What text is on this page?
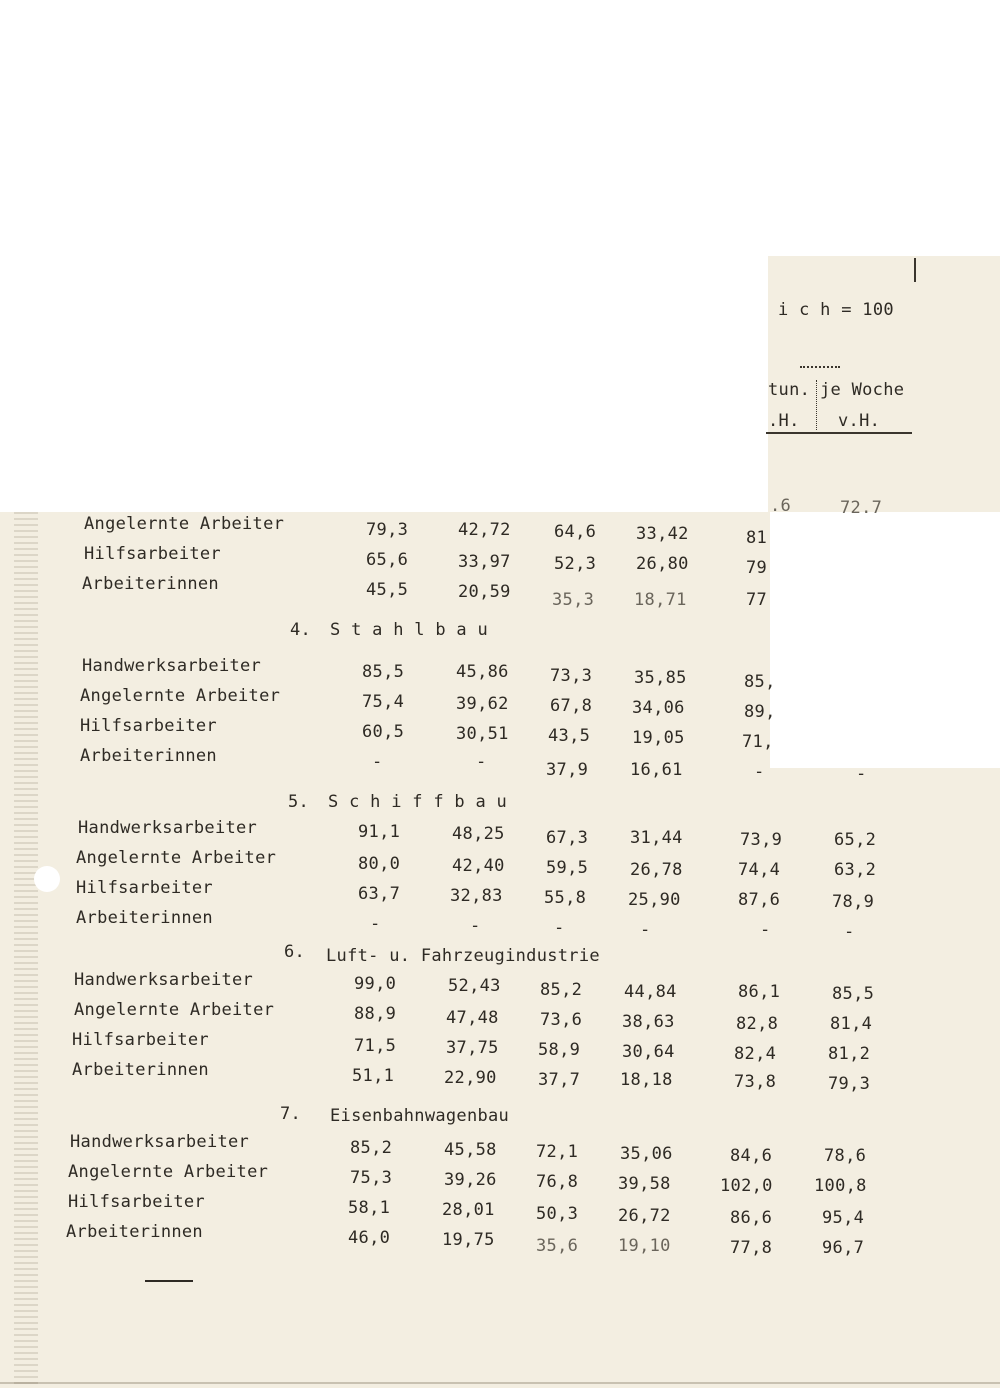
i c h = 100
tun. je Woche
.H. v.H.
.6	72.7
Angelernte Arbeiter	79,3	42,72	64,6 33,42	81
Hilfsarbeiter	65,6	33,97	52,3 26,80	79
Arbeiterinnen	45,5	20,59 35,3 18,71	77
4. S t a h l b a u
Handwerksarbeiter	85,5	45,86 73,3 35,85	85,
Angelernte Arbeiter	75,4	39,62 67,8 34,06	89,
Hilfsarbeiter	60,5	30,51 43,5 19,05	71,
Arbeiterinnen	-	-	37,9 16,61	-	-
5. S c h i f f b a u
Handwerksarbeiter	91,1	48,25 67,3 31,44	73,9	65,2
Angelernte Arbeiter	80,0	42,40 59,5 26,78	74,4	63,2
Hilfsarbeiter	63,7	32,83 55,8 25,90	87,6	78,9
Arbeiterinnen	-	-	-	-	-	-
6. Luft- u. Fahrzeugindustrie
Handwerksarbeiter	99,0	52,43 85,2 44,84	86,1	85,5
Angelernte Arbeiter	88,9	47,48 73,6 38,63	82,8	81,4
Hilfsarbeiter	71,5	37,75 58,9 30,64	82,4	81,2
Arbeiterinnen	51,1	22,90 37,7 18,18	73,8	79,3
7. Eisenbahnwagenbau
Handwerksarbeiter	85,2	45,58 72,1 35,06	84,6	78,6
Angelernte Arbeiter	75,3	39,26 76,8 39,58	102,0 100,8
Hilfsarbeiter	58,1	28,01 50,3 26,72	86,6	95,4
Arbeiterinnen	46,0	19,75 35,6 19,10	77,8	96,7
